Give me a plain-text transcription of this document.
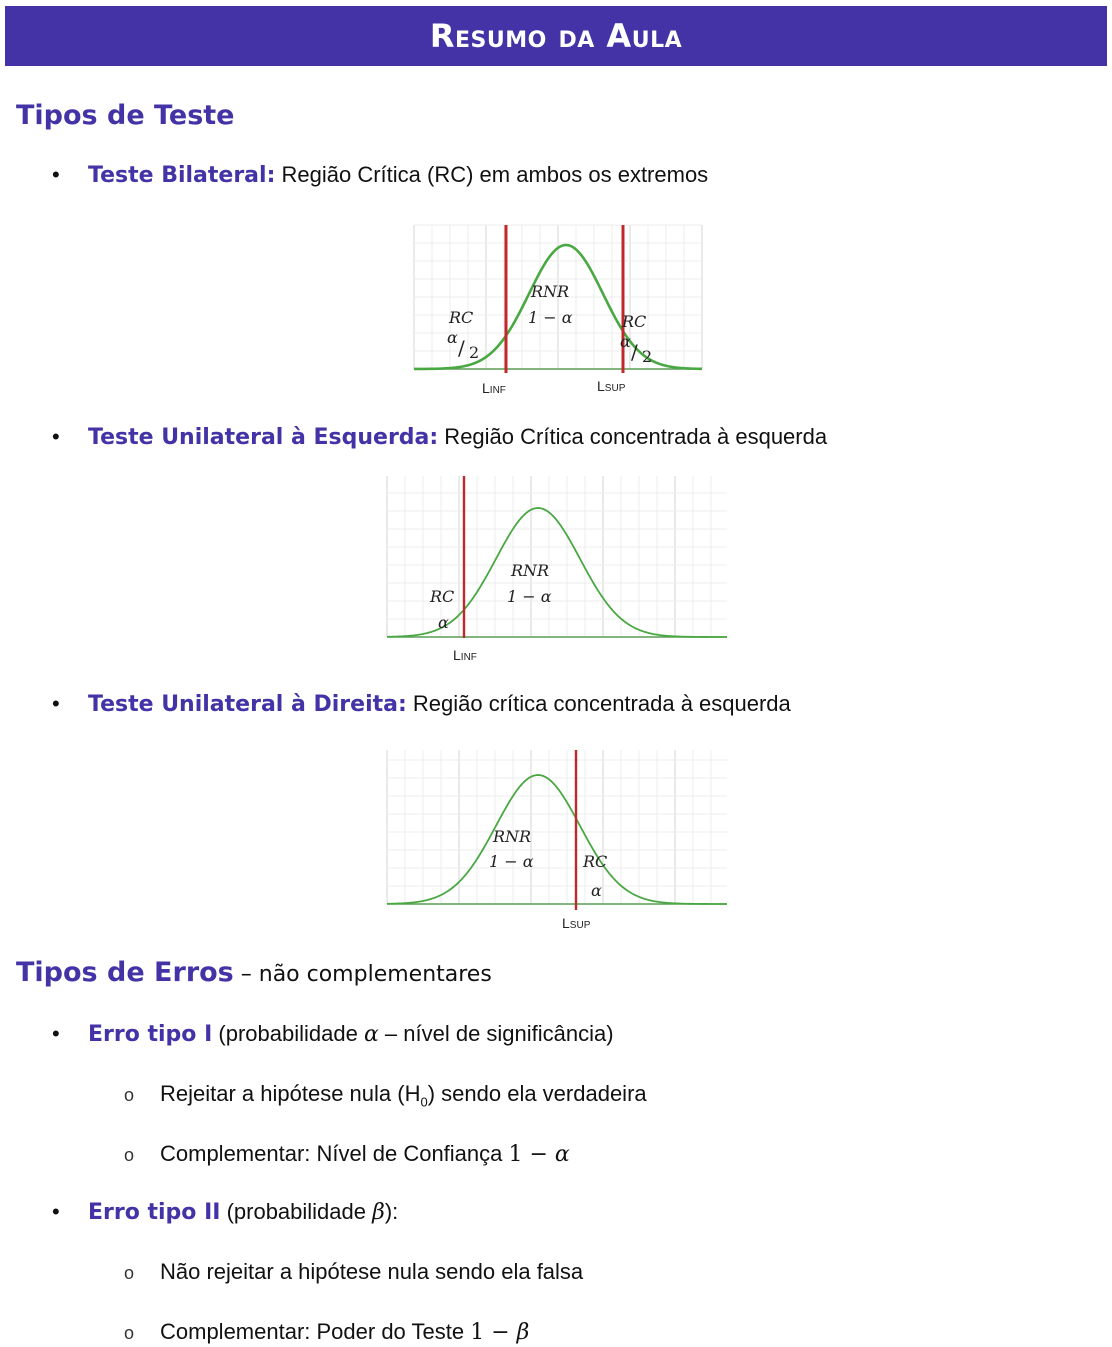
Resumo da Aula
Tipos de Teste
•	Teste Bilateral: Região Crítica (RC) em ambos os extremos
RNR
1 − α
RC
α / 2
RC
α / 2
LINF	LSUP
•	Teste Unilateral à Esquerda: Região Crítica concentrada à esquerda
RNR
1 − α
RC
α
LINF
•	Teste Unilateral à Direita: Região crítica concentrada à esquerda
RNR
1 − α	RC
α
LSUP
Tipos de Erros – não complementares
•	Erro tipo I (probabilidade α – nível de significância)
o	Rejeitar a hipótese nula $(H_0)$ sendo ela verdadeira
o	Complementar: Nível de Confiança 1 − α
•	Erro tipo II (probabilidade β):
o	Não rejeitar a hipótese nula sendo ela falsa
o	Complementar: Poder do Teste 1 − β
